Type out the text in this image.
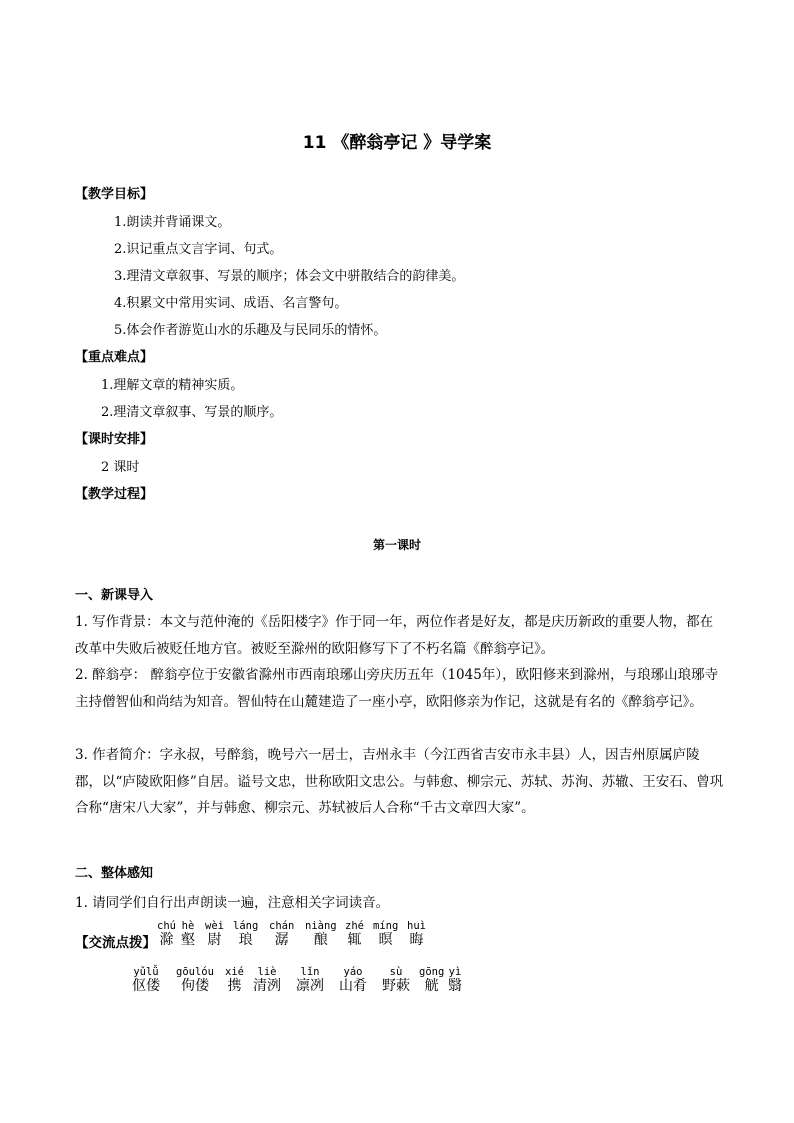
11 《醉翁亭记 》导学案
【教学目标】
1.朗读并背诵课文。
2.识记重点文言字词、句式。
3.理清文章叙事、写景的顺序；体会文中骈散结合的韵律美。
4.积累文中常用实词、成语、名言警句。
5.体会作者游览山水的乐趣及与民同乐的情怀。
【重点难点】
1.理解文章的精神实质。
2.理清文章叙事、写景的顺序。
【课时安排】
2 课时
【教学过程】
第一课时
一、新课导入

1. 写作背景：本文与范仲淹的《岳阳楼字》作于同一年，两位作者是好友，都是庆历新政的重要人物，都在改革中失败后被贬任地方官。被贬至滁州的欧阳修写下了不朽名篇《醉翁亭记》。

2. 醉翁亭： 醉翁亭位于安徽省滁州市西南琅琊山旁庆历五年（1045年），欧阳修来到滁州，与琅琊山琅琊寺主持僧智仙和尚结为知音。智仙特在山麓建造了一座小亭，欧阳修亲为作记，这就是有名的《醉翁亭记》。

3. 作者简介：字永叔，号醉翁，晚号六一居士，吉州永丰（今江西省吉安市永丰县）人，因吉州原属庐陵郡，以“庐陵欧阳修”自居。谥号文忠，世称欧阳文忠公。与韩愈、柳宗元、苏轼、苏洵、苏辙、王安石、曾巩合称“唐宋八大家”，并与韩愈、柳宗元、苏轼被后人合称“千古文章四大家”。

二、整体感知
1. 请同学们自行出声朗读一遍，注意相关字词读音。
【交流点拨】
chú
滁
hè
壑
wèi
尉
láng
琅
chán
潺
niàng
酿
zhé
辄
míng
暝
huì
晦
yǔlǚ
伛偻
gōulóu
佝偻
xié
携
liè
清洌
lǐn
凛冽
yáo
山肴
sù
野蔌
gōng
觥
yì
翳
